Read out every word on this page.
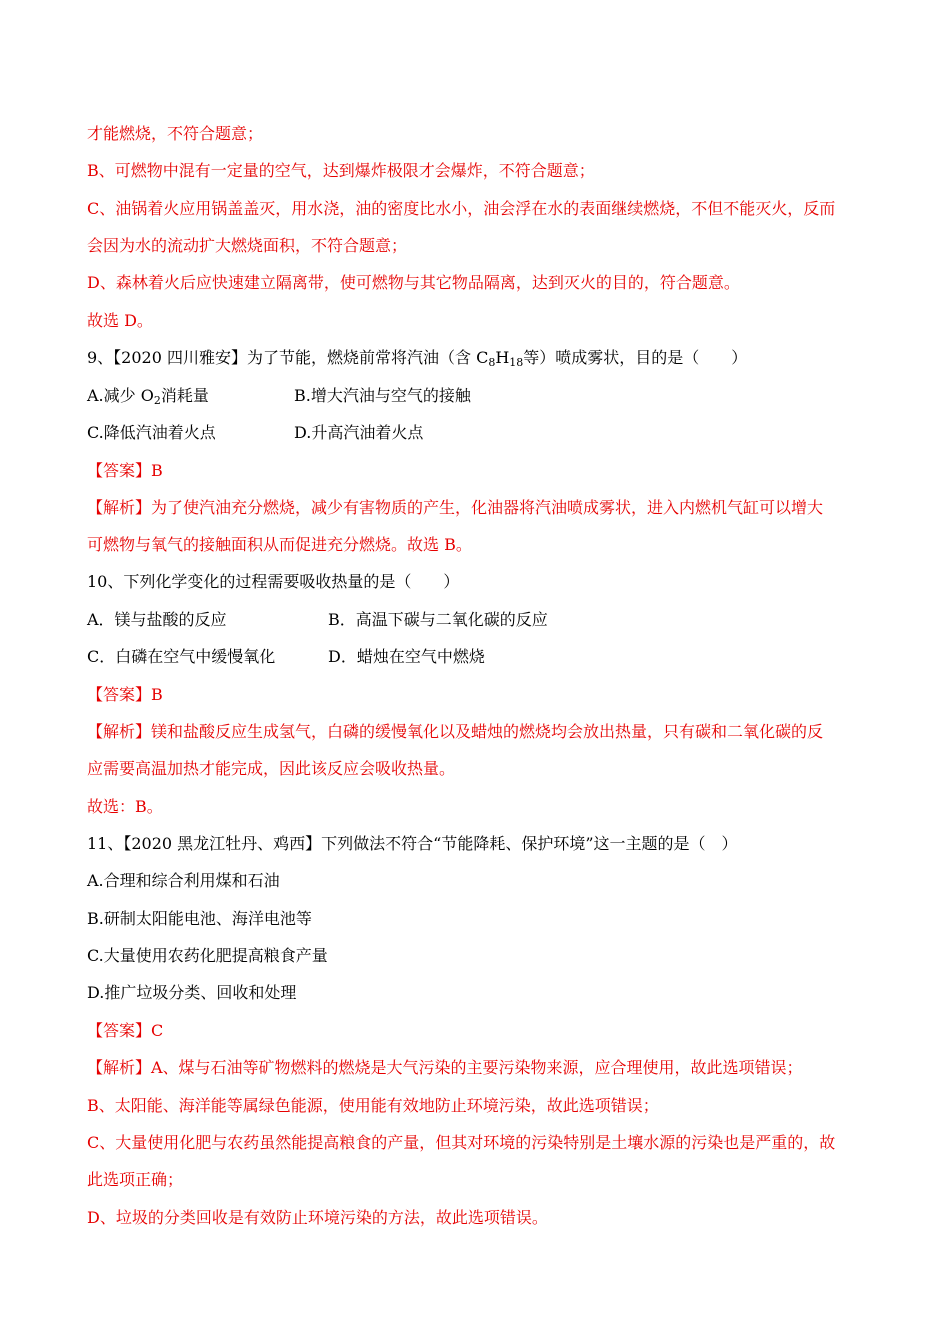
才能燃烧，不符合题意；
B、可燃物中混有一定量的空气，达到爆炸极限才会爆炸，不符合题意；
C、油锅着火应用锅盖盖灭，用水浇，油的密度比水小，油会浮在水的表面继续燃烧，不但不能灭火，反而
会因为水的流动扩大燃烧面积，不符合题意；
D、森林着火后应快速建立隔离带，使可燃物与其它物品隔离，达到灭火的目的，符合题意。
故选 D。
9、【2020 四川雅安】为了节能，燃烧前常将汽油（含 $C_8H_{18}$等）喷成雾状，目的是（　　）
A.减少 $O_2$消耗量	B.增大汽油与空气的接触
C.降低汽油着火点	D.升高汽油着火点
【答案】B
【解析】为了使汽油充分燃烧，减少有害物质的产生，化油器将汽油喷成雾状，进入内燃机气缸可以增大
可燃物与氧气的接触面积从而促进充分燃烧。故选 B。
10、下列化学变化的过程需要吸收热量的是（　　）
A．镁与盐酸的反应	B．高温下碳与二氧化碳的反应
C．白磷在空气中缓慢氧化	D．蜡烛在空气中燃烧
【答案】B
【解析】镁和盐酸反应生成氢气，白磷的缓慢氧化以及蜡烛的燃烧均会放出热量，只有碳和二氧化碳的反
应需要高温加热才能完成，因此该反应会吸收热量。
故选：B。
11、【2020 黑龙江牡丹、鸡西】下列做法不符合“节能降耗、保护环境”这一主题的是（　）
A.合理和综合利用煤和石油
B.研制太阳能电池、海洋电池等
C.大量使用农药化肥提高粮食产量
D.推广垃圾分类、回收和处理
【答案】C
【解析】A、煤与石油等矿物燃料的燃烧是大气污染的主要污染物来源，应合理使用，故此选项错误；
B、太阳能、海洋能等属绿色能源，使用能有效地防止环境污染，故此选项错误；
C、大量使用化肥与农药虽然能提高粮食的产量，但其对环境的污染特别是土壤水源的污染也是严重的，故
此选项正确；
D、垃圾的分类回收是有效防止环境污染的方法，故此选项错误。
